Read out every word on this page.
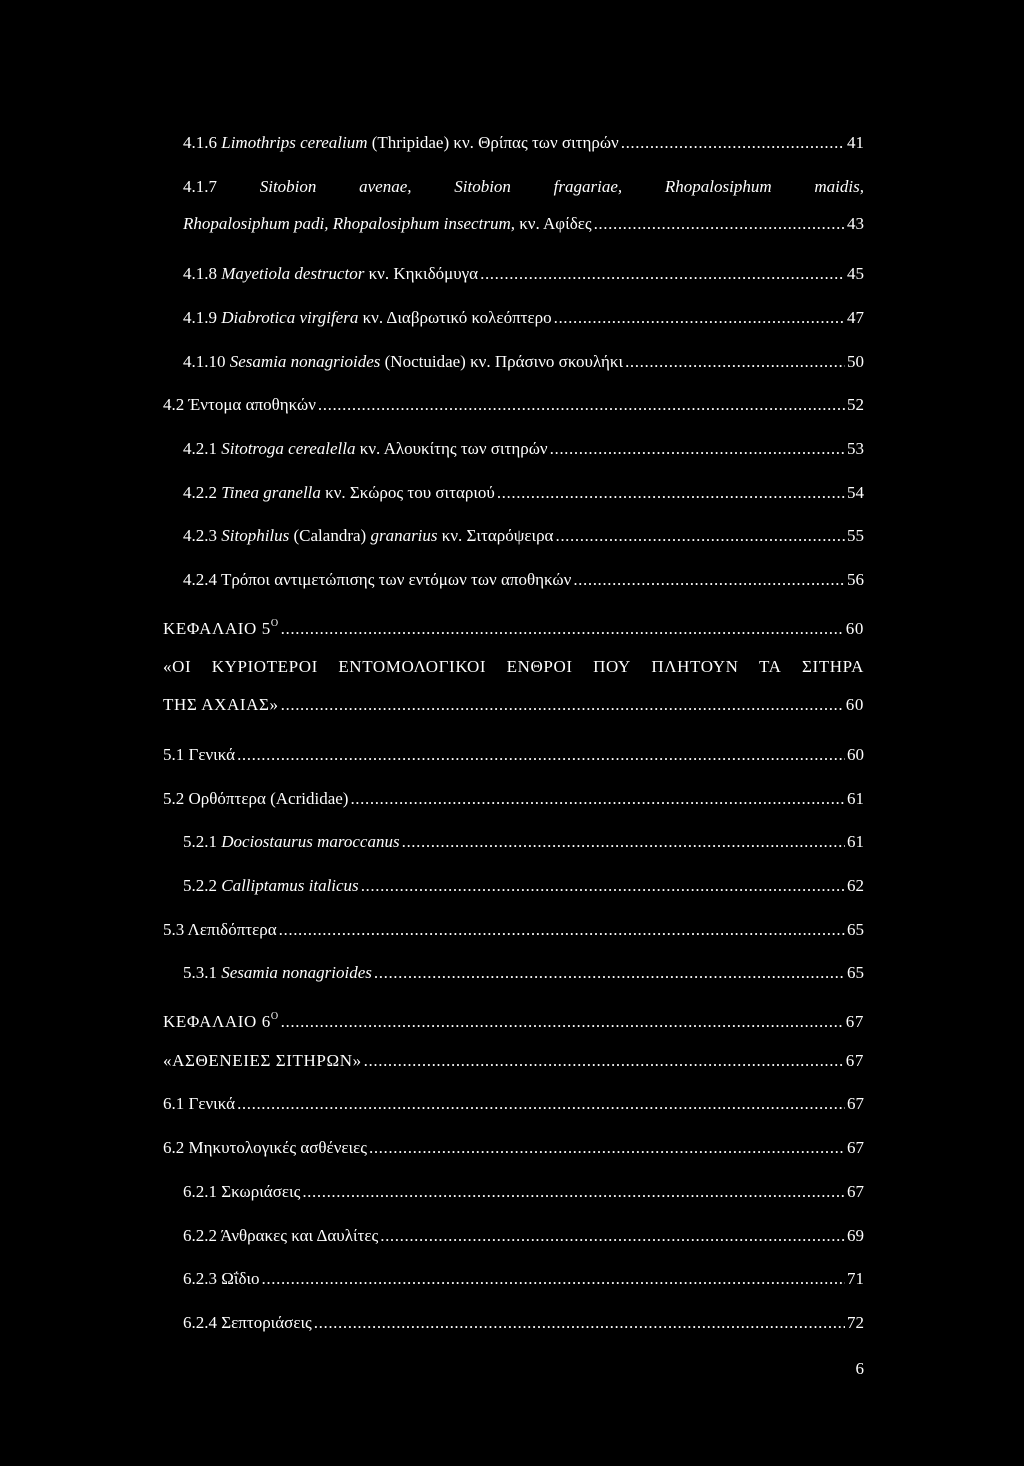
4.1.6 Limothrips cerealium (Thripidae) κν. Θρίπας των σιτηρών .....	41
4.1.7	Sitobion	avenae,	Sitobion	fragariae,	Rhopalosiphum	maidis,
Rhopalosiphum padi, Rhopalosiphum insectrum, κν. Αφίδες .....	43
4.1.8 Mayetiola destructor κν. Κηκιδόμυγα .....	45
4.1.9 Diabrotica virgifera κν. Διαβρωτικό κολεόπτερο .....	47
4.1.10 Sesamia nonagrioides (Noctuidae) κν. Πράσινο σκουλήκι .....	50
4.2 Έντομα αποθηκών .....	52
4.2.1 Sitotroga cerealella κν. Αλουκίτης των σιτηρών .....	53
4.2.2 Tinea granella κν. Σκώρος του σιταριού .....	54
4.2.3 Sitophilus (Calandra) granarius κν. Σιταρόψειρα .....	55
4.2.4 Τρόποι αντιμετώπισης των εντόμων των αποθηκών .....	56
ΚΕΦΑΛΑΙΟ $5^O$ .....	60
«ΟΙ ΚΥΡΙΟΤΕΡΟΙ ΕΝΤΟΜΟΛΟΓΙΚΟΙ ΕΝΘΡΟΙ ΠΟΥ ΠΛΗΤΟΥΝ ΤΑ ΣΙΤΗΡΑ
ΤΗΣ ΑΧΑΙΑΣ» .....	60
5.1 Γενικά .....	60
5.2 Ορθόπτερα (Acrididae) .....	61
5.2.1 Dociostaurus maroccanus .....	61
5.2.2 Calliptamus italicus .....	62
5.3 Λεπιδόπτερα .....	65
5.3.1 Sesamia nonagrioides .....	65
ΚΕΦΑΛΑΙΟ $6^O$ .....	67
«ΑΣΘΕΝΕΙΕΣ ΣΙΤΗΡΩΝ» .....	67
6.1 Γενικά .....	67
6.2 Μηκυτολογικές ασθένειες .....	67
6.2.1 Σκωριάσεις .....	67
6.2.2 Άνθρακες και Δαυλίτες .....	69
6.2.3 Ωΐδιο .....	71
6.2.4 Σεπτοριάσεις .....	72
6
